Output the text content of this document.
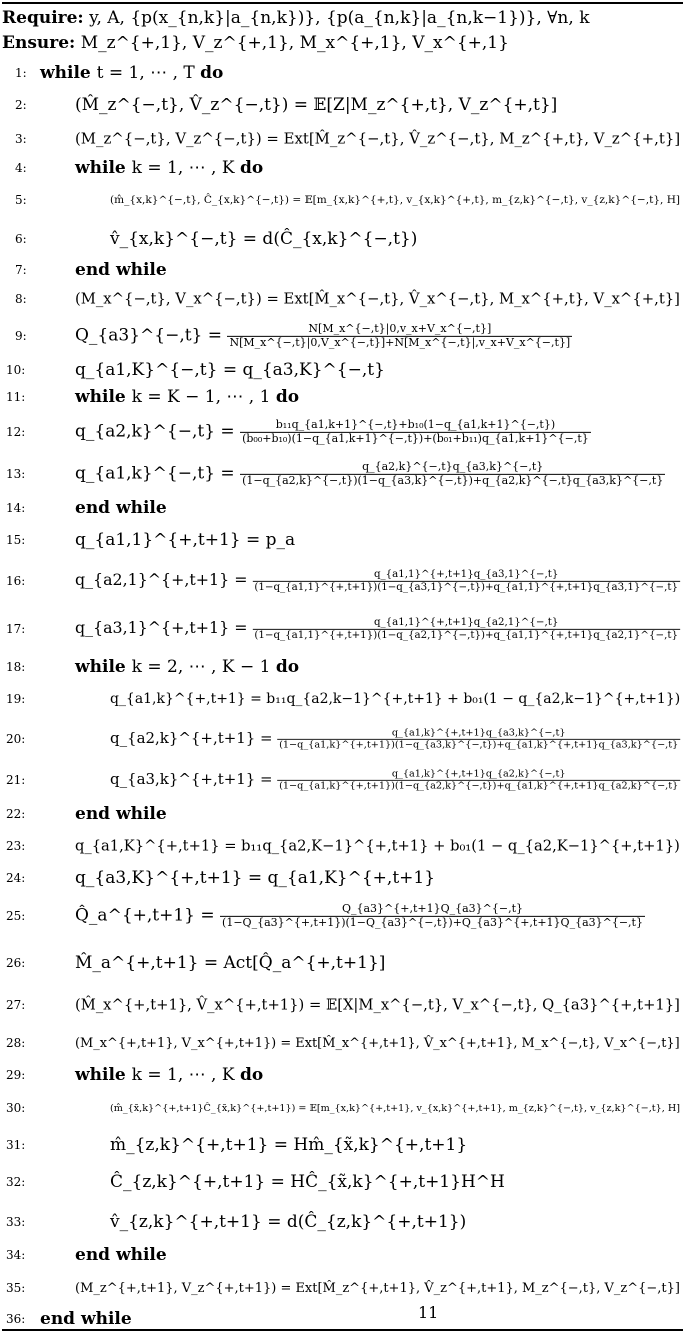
Require: y, A, {p(x_{n,k}|a_{n,k})}, {p(a_{n,k}|a_{n,k−1})}, ∀n, k
Ensure: M_z^{+,1}, V_z^{+,1}, M_x^{+,1}, V_x^{+,1}
1: while t = 1, ⋯ , T do
2:	(M̂_z^{−,t}, V̂_z^{−,t}) = 𝔼[Z|M_z^{+,t}, V_z^{+,t}]
3:	(M_z^{−,t}, V_z^{−,t}) = Ext[M̂_z^{−,t}, V̂_z^{−,t}, M_z^{+,t}, V_z^{+,t}]
4:	while k = 1, ⋯ , K do
5:	(m̂_{x,k}^{−,t}, Ĉ_{x,k}^{−,t}) = 𝔼[m_{x,k}^{+,t}, v_{x,k}^{+,t}, m_{z,k}^{−,t}, v_{z,k}^{−,t}, H]
6:	v̂_{x,k}^{−,t} = d(Ĉ_{x,k}^{−,t})
7:	end while
8:	(M_x^{−,t}, V_x^{−,t}) = Ext[M̂_x^{−,t}, V̂_x^{−,t}, M_x^{+,t}, V_x^{+,t}]
9:	Q_{a3}^{−,t} = $\frac{N[M\_x\^{}\{-,t\}|0,v\_x+V\_x\^{}\{-,t\}]}{N[M\_x\^{}\{-,t\}|0,V\_x\^{}\{-,t\}]+N[M\_x\^{}\{-,t\}|,v\_x+V\_x\^{}\{-,t\}]}$
10:	q_{a1,K}^{−,t} = q_{a3,K}^{−,t}
11:	while k = K − 1, ⋯ , 1 do
12:	q_{a2,k}^{−,t} = $\frac{\text{b₁₁q\_\{a1,k+1\}\textasciicircum{}\{−,t\}+b₁₀(1−q\_\{a1,k+1\}\textasciicircum{}\{−,t\})}}{\text{(b₀₀+b₁₀)(1−q\_\{a1,k+1\}\textasciicircum{}\{−,t\})+(b₀₁+b₁₁)q\_\{a1,k+1\}\textasciicircum{}\{−,t\}}}$
13:	q_{a1,k}^{−,t} =	q_{a2,k}^{−,t}q_{a3,k}^{−,t}
(1−q_{a2,k}^{−,t})(1−q_{a3,k}^{−,t})+q_{a2,k}^{−,t}q_{a3,k}^{−,t}
14:	end while
15:	q_{a1,1}^{+,t+1} = p_a
16:	q_{a2,1}^{+,t+1} =	q_{a1,1}^{+,t+1}q_{a3,1}^{−,t}
(1−q_{a1,1}^{+,t+1})(1−q_{a3,1}^{−,t})+q_{a1,1}^{+,t+1}q_{a3,1}^{−,t}
17:	q_{a3,1}^{+,t+1} =	q_{a1,1}^{+,t+1}q_{a2,1}^{−,t}
(1−q_{a1,1}^{+,t+1})(1−q_{a2,1}^{−,t})+q_{a1,1}^{+,t+1}q_{a2,1}^{−,t}
18:	while k = 2, ⋯ , K − 1 do
19:	q_{a1,k}^{+,t+1} = b₁₁q_{a2,k−1}^{+,t+1} + b₀₁(1 − q_{a2,k−1}^{+,t+1})
20:	q_{a2,k}^{+,t+1} =	q_{a1,k}^{+,t+1}q_{a3,k}^{−,t}
(1−q_{a1,k}^{+,t+1})(1−q_{a3,k}^{−,t})+q_{a1,k}^{+,t+1}q_{a3,k}^{−,t}
21:	q_{a3,k}^{+,t+1} =	q_{a1,k}^{+,t+1}q_{a2,k}^{−,t}
(1−q_{a1,k}^{+,t+1})(1−q_{a2,k}^{−,t})+q_{a1,k}^{+,t+1}q_{a2,k}^{−,t}
22:	end while
23:	q_{a1,K}^{+,t+1} = b₁₁q_{a2,K−1}^{+,t+1} + b₀₁(1 − q_{a2,K−1}^{+,t+1})
24:	q_{a3,K}^{+,t+1} = q_{a1,K}^{+,t+1}
25:	Q̂_a^{+,t+1} =	Q_{a3}^{+,t+1}Q_{a3}^{−,t}
(1−Q_{a3}^{+,t+1})(1−Q_{a3}^{−,t})+Q_{a3}^{+,t+1}Q_{a3}^{−,t}
26:	M̂_a^{+,t+1} = Act[Q̂_a^{+,t+1}]
27:	(M̂_x^{+,t+1}, V̂_x^{+,t+1}) = 𝔼[X|M_x^{−,t}, V_x^{−,t}, Q_{a3}^{+,t+1}]
28:	(M_x^{+,t+1}, V_x^{+,t+1}) = Ext[M̂_x^{+,t+1}, V̂_x^{+,t+1}, M_x^{−,t}, V_x^{−,t}]
29:	while k = 1, ⋯ , K do
30:	(m̂_{x̃,k}^{+,t+1}Ĉ_{x̃,k}^{+,t+1}) = 𝔼[m_{x,k}^{+,t+1}, v_{x,k}^{+,t+1}, m_{z,k}^{−,t}, v_{z,k}^{−,t}, H]
31:	m̂_{z,k}^{+,t+1} = Hm̂_{x̃,k}^{+,t+1}
32:	Ĉ_{z,k}^{+,t+1} = HĈ_{x̃,k}^{+,t+1}H^H
33:	v̂_{z,k}^{+,t+1} = d(Ĉ_{z,k}^{+,t+1})
34:	end while
35:	(M_z^{+,t+1}, V_z^{+,t+1}) = Ext[M̂_z^{+,t+1}, V̂_z^{+,t+1}, M_z^{−,t}, V_z^{−,t}]
36: end while	11
